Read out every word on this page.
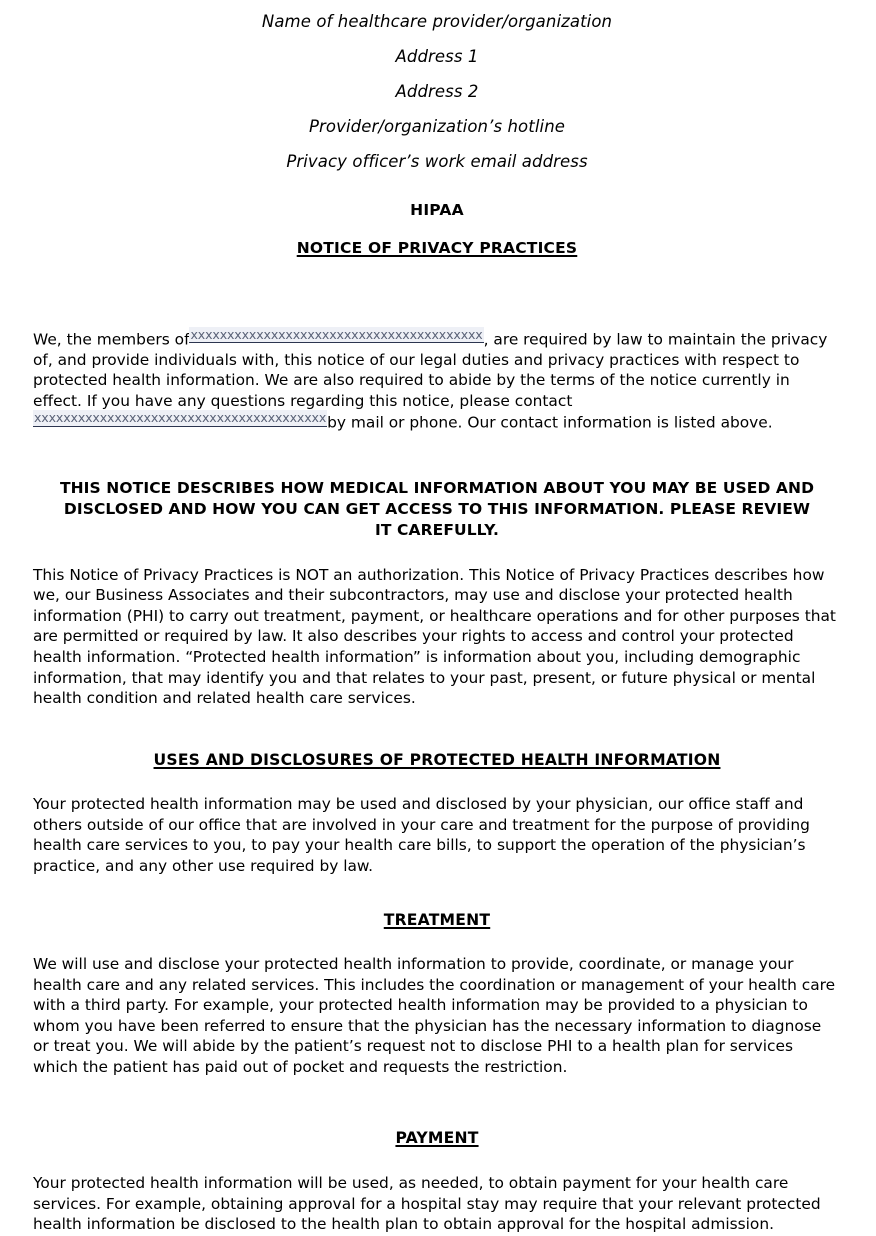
Name of healthcare provider/organization
Address 1
Address 2
Provider/organization’s hotline
Privacy officer’s work email address
HIPAA
NOTICE OF PRIVACY PRACTICES

We, the members ofxxxxxxxxxxxxxxxxxxxxxxxxxxxxxxxxxxxxxxxx, are required by law to maintain the privacy of, and provide individuals with, this notice of our legal duties and privacy practices with respect to protected health information. We are also required to abide by the terms of the notice currently in effect. If you have any questions regarding this notice, please contactxxxxxxxxxxxxxxxxxxxxxxxxxxxxxxxxxxxxxxxxby mail or phone. Our contact information is listed above.

THIS NOTICE DESCRIBES HOW MEDICAL INFORMATION ABOUT YOU MAY BE USED AND DISCLOSED AND HOW YOU CAN GET ACCESS TO THIS INFORMATION. PLEASE REVIEW IT CAREFULLY.

This Notice of Privacy Practices is NOT an authorization. This Notice of Privacy Practices describes how we, our Business Associates and their subcontractors, may use and disclose your protected health information (PHI) to carry out treatment, payment, or healthcare operations and for other purposes that are permitted or required by law. It also describes your rights to access and control your protected health information. “Protected health information” is information about you, including demographic information, that may identify you and that relates to your past, present, or future physical or mental health condition and related health care services.

USES AND DISCLOSURES OF PROTECTED HEALTH INFORMATION

Your protected health information may be used and disclosed by your physician, our office staff and others outside of our office that are involved in your care and treatment for the purpose of providing health care services to you, to pay your health care bills, to support the operation of the physician’s practice, and any other use required by law.

TREATMENT

We will use and disclose your protected health information to provide, coordinate, or manage your health care and any related services. This includes the coordination or management of your health care with a third party. For example, your protected health information may be provided to a physician to whom you have been referred to ensure that the physician has the necessary information to diagnose or treat you. We will abide by the patient’s request not to disclose PHI to a health plan for services which the patient has paid out of pocket and requests the restriction.

PAYMENT

Your protected health information will be used, as needed, to obtain payment for your health care services. For example, obtaining approval for a hospital stay may require that your relevant protected health information be disclosed to the health plan to obtain approval for the hospital admission.
